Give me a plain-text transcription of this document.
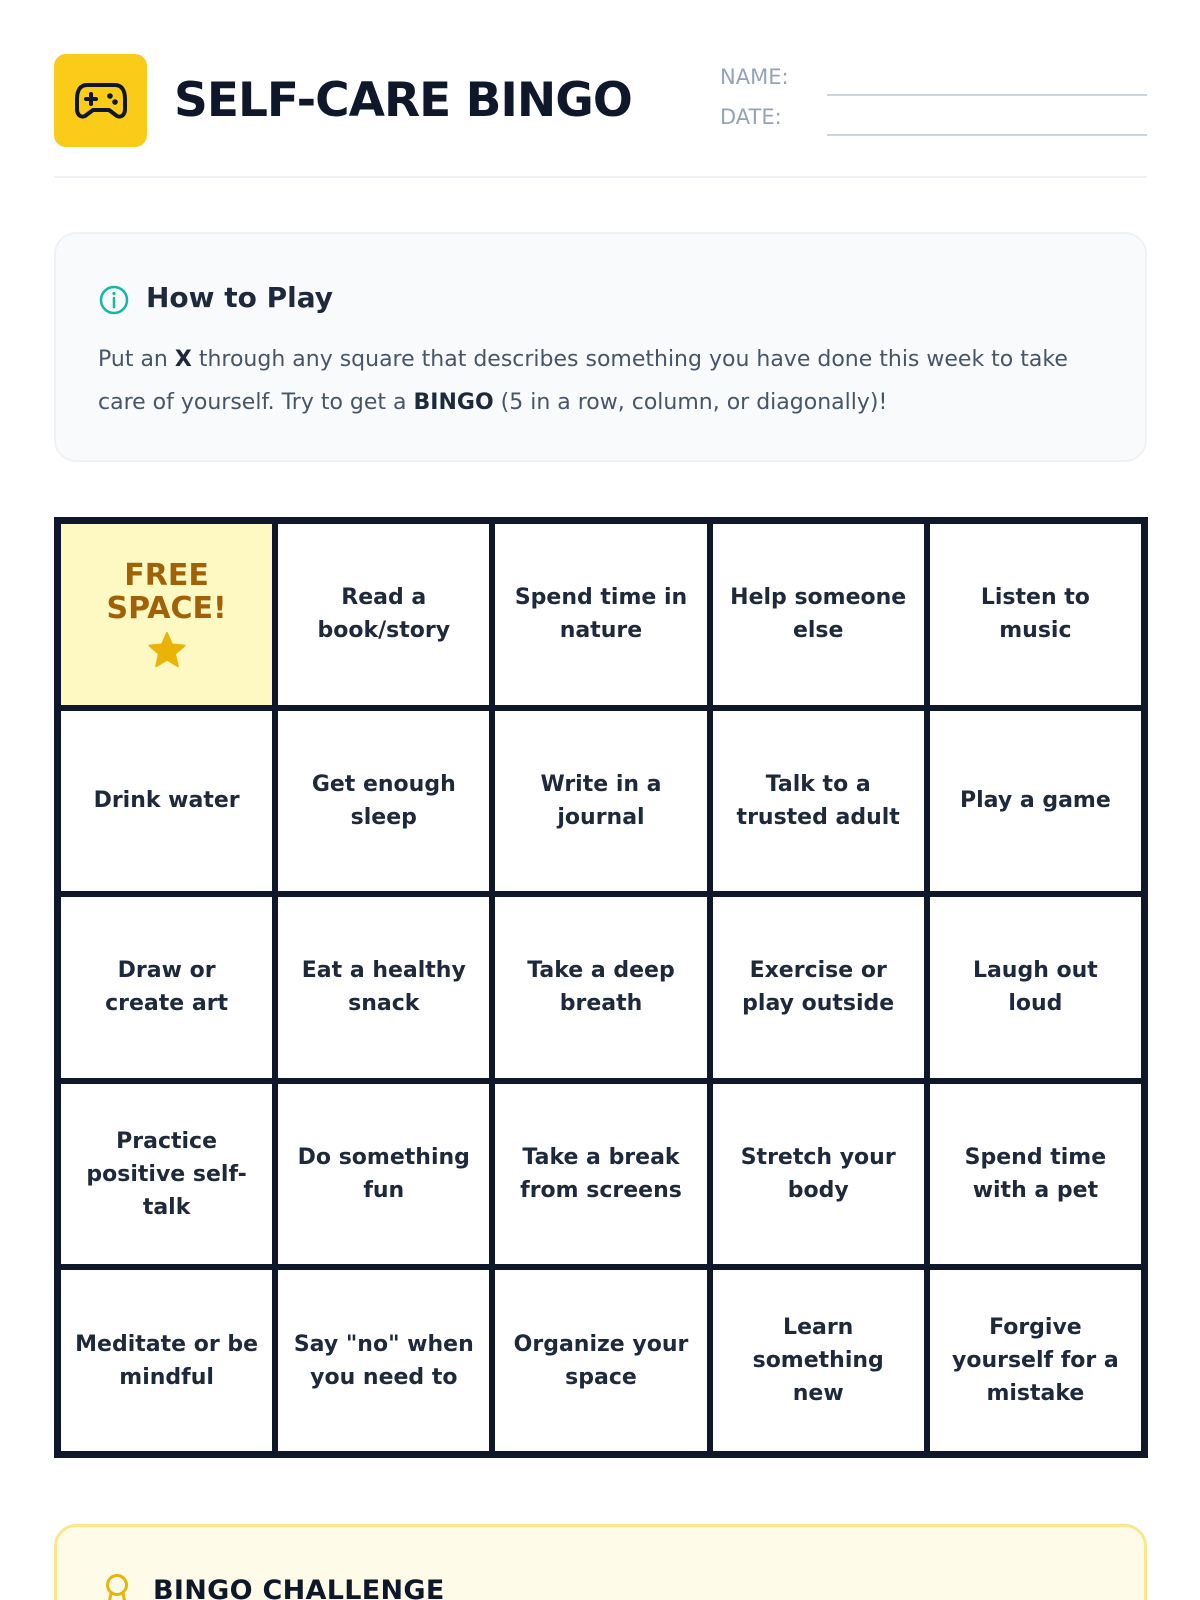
SELF-CARE BINGO	NAME:
DATE:
How to Play
Put an X through any square that describes something you have done this week to take care of yourself. Try to get a BINGO (5 in a row, column, or diagonally)!
FREE SPACE!	Read a book/story
Spend time in nature
Help someone else
Listen to music
Drink water
Get enough sleep
Write in a journal
Talk to a trusted adult
Play a game
Draw or create art
Eat a healthy snack
Take a deep breath
Exercise or play outside
Laugh out loud
Practice positive self-talk
Do something fun
Take a break from screens
Stretch your body
Spend time with a pet
Meditate or be mindful
Say "no" when you need to
Organize your space
Learn something new
Forgive yourself for a mistake
BINGO CHALLENGE
